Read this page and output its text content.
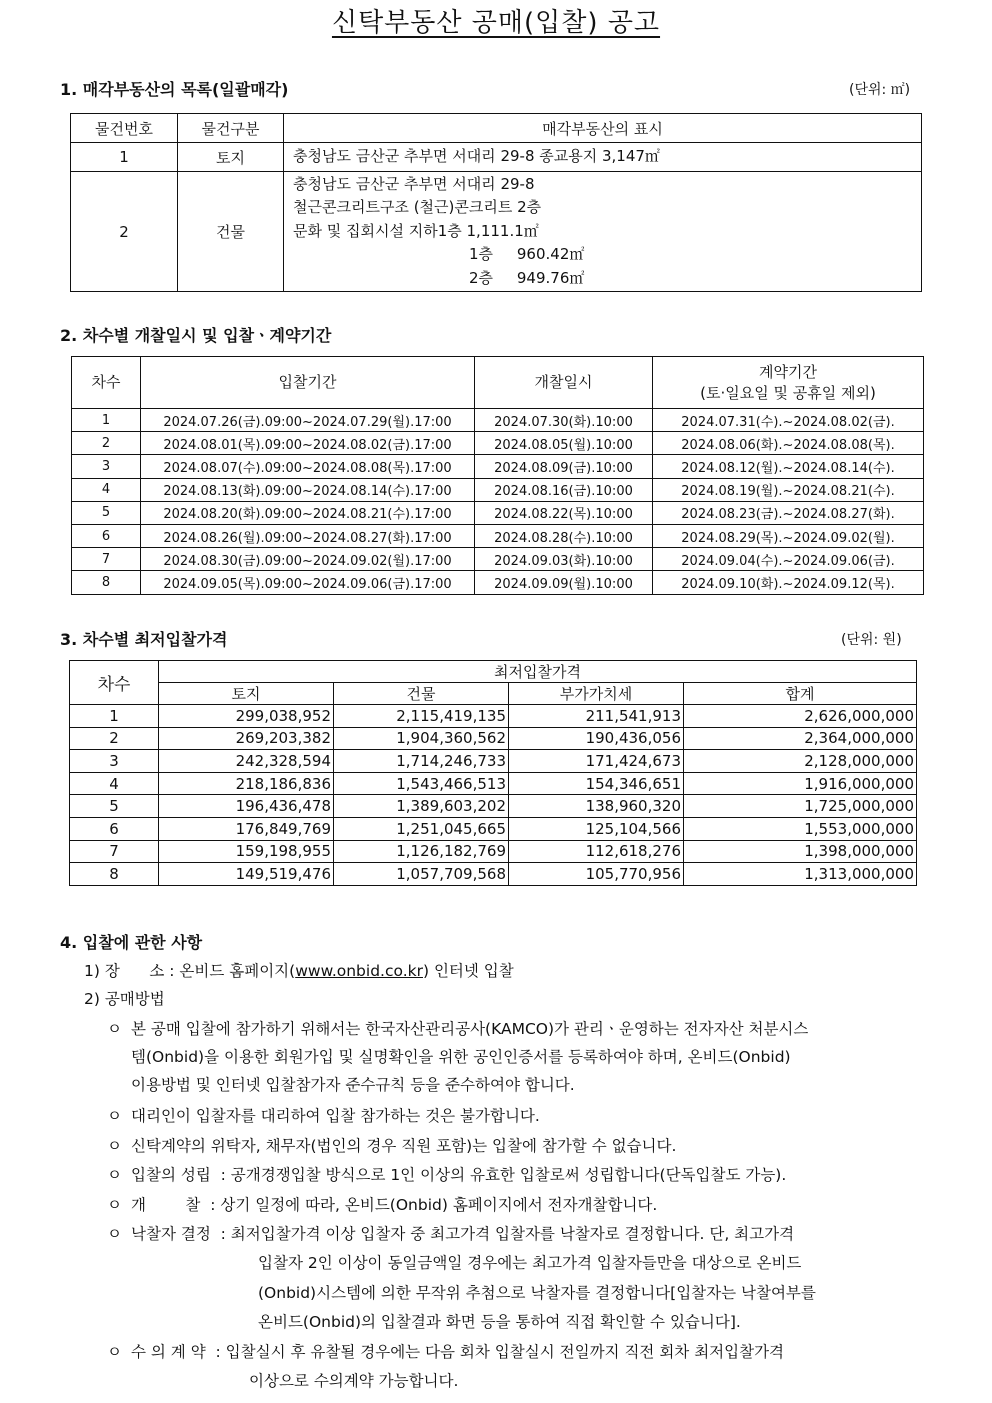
신탁부동산 공매(입찰) 공고
1. 매각부동산의 목록(일괄매각)	(단위: ㎡)
물건번호	물건구분	매각부동산의 표시
1	토지	충청남도 금산군 추부면 서대리 29-8 종교용지 3,147㎡
2	건물	충청남도 금산군 추부면 서대리 29-8
철근콘크리트구조 (철근)콘크리트 2층
문화 및 집회시설 지하1층 1,111.1㎡
1층     960.42㎡
2층     949.76㎡
2. 차수별 개찰일시 및 입찰ㆍ계약기간
차수	입찰기간	개찰일시	계약기간
(토·일요일 및 공휴일 제외)

1	2024.07.26(금).09:00~2024.07.29(월).17:00	2024.07.30(화).10:00	2024.07.31(수).~2024.08.02(금).
2	2024.08.01(목).09:00~2024.08.02(금).17:00	2024.08.05(월).10:00	2024.08.06(화).~2024.08.08(목).
3	2024.08.07(수).09:00~2024.08.08(목).17:00	2024.08.09(금).10:00	2024.08.12(월).~2024.08.14(수).
4	2024.08.13(화).09:00~2024.08.14(수).17:00	2024.08.16(금).10:00	2024.08.19(월).~2024.08.21(수).
5	2024.08.20(화).09:00~2024.08.21(수).17:00	2024.08.22(목).10:00	2024.08.23(금).~2024.08.27(화).
6	2024.08.26(월).09:00~2024.08.27(화).17:00	2024.08.28(수).10:00	2024.08.29(목).~2024.09.02(월).
7	2024.08.30(금).09:00~2024.09.02(월).17:00	2024.09.03(화).10:00	2024.09.04(수).~2024.09.06(금).
8	2024.09.05(목).09:00~2024.09.06(금).17:00	2024.09.09(월).10:00	2024.09.10(화).~2024.09.12(목).
3. 차수별 최저입찰가격	(단위: 원)
차수	최저입찰가격			
	토지	건물	부가가치세	합계
1	299,038,952	2,115,419,135	211,541,913	2,626,000,000
2	269,203,382	1,904,360,562	190,436,056	2,364,000,000
3	242,328,594	1,714,246,733	171,424,673	2,128,000,000
4	218,186,836	1,543,466,513	154,346,651	1,916,000,000
5	196,436,478	1,389,603,202	138,960,320	1,725,000,000
6	176,849,769	1,251,045,665	125,104,566	1,553,000,000
7	159,198,955	1,126,182,769	112,618,276	1,398,000,000
8	149,519,476	1,057,709,568	105,770,956	1,313,000,000
4. 입찰에 관한 사항
1) 장      소 : 온비드 홈페이지(www.onbid.co.kr) 인터넷 입찰
2) 공매방법
ㅇ 본 공매 입찰에 참가하기 위해서는 한국자산관리공사(KAMCO)가 관리ㆍ운영하는 전자자산 처분시스
템(Onbid)을 이용한 회원가입 및 실명확인을 위한 공인인증서를 등록하여야 하며, 온비드(Onbid)
이용방법 및 인터넷 입찰참가자 준수규칙 등을 준수하여야 합니다.
ㅇ 대리인이 입찰자를 대리하여 입찰 참가하는 것은 불가합니다.
ㅇ 신탁계약의 위탁자, 채무자(법인의 경우 직원 포함)는 입찰에 참가할 수 없습니다.
ㅇ 입찰의 성립  : 공개경쟁입찰 방식으로 1인 이상의 유효한 입찰로써 성립합니다(단독입찰도 가능).
ㅇ 개        찰  : 상기 일정에 따라, 온비드(Onbid) 홈페이지에서 전자개찰합니다.
ㅇ 낙찰자 결정  : 최저입찰가격 이상 입찰자 중 최고가격 입찰자를 낙찰자로 결정합니다. 단, 최고가격
입찰자 2인 이상이 동일금액일 경우에는 최고가격 입찰자들만을 대상으로 온비드
(Onbid)시스템에 의한 무작위 추첨으로 낙찰자를 결정합니다[입찰자는 낙찰여부를
온비드(Onbid)의 입찰결과 화면 등을 통하여 직접 확인할 수 있습니다].
ㅇ 수 의 계 약  : 입찰실시 후 유찰될 경우에는 다음 회차 입찰실시 전일까지 직전 회차 최저입찰가격
이상으로 수의계약 가능합니다.
